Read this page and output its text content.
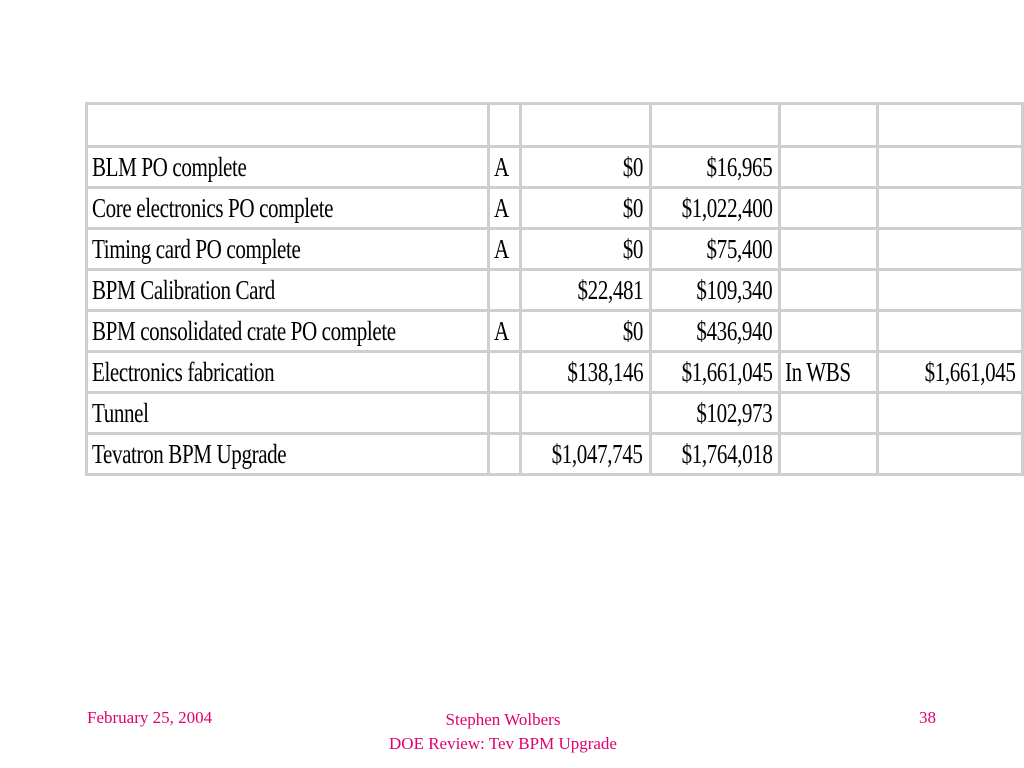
BLM PO complete	A	$0	$16,965		
Core electronics PO complete	A	$0	$1,022,400		
Timing card PO complete	A	$0	$75,400		
BPM Calibration Card		$22,481	$109,340		
BPM consolidated crate PO complete	A	$0	$436,940		
Electronics fabrication		$138,146	$1,661,045	In WBS	$1,661,045
Tunnel			$102,973		
Tevatron BPM Upgrade		$1,047,745	$1,764,018		
February 25, 2004	Stephen Wolbers
DOE Review: Tev BPM Upgrade
38
